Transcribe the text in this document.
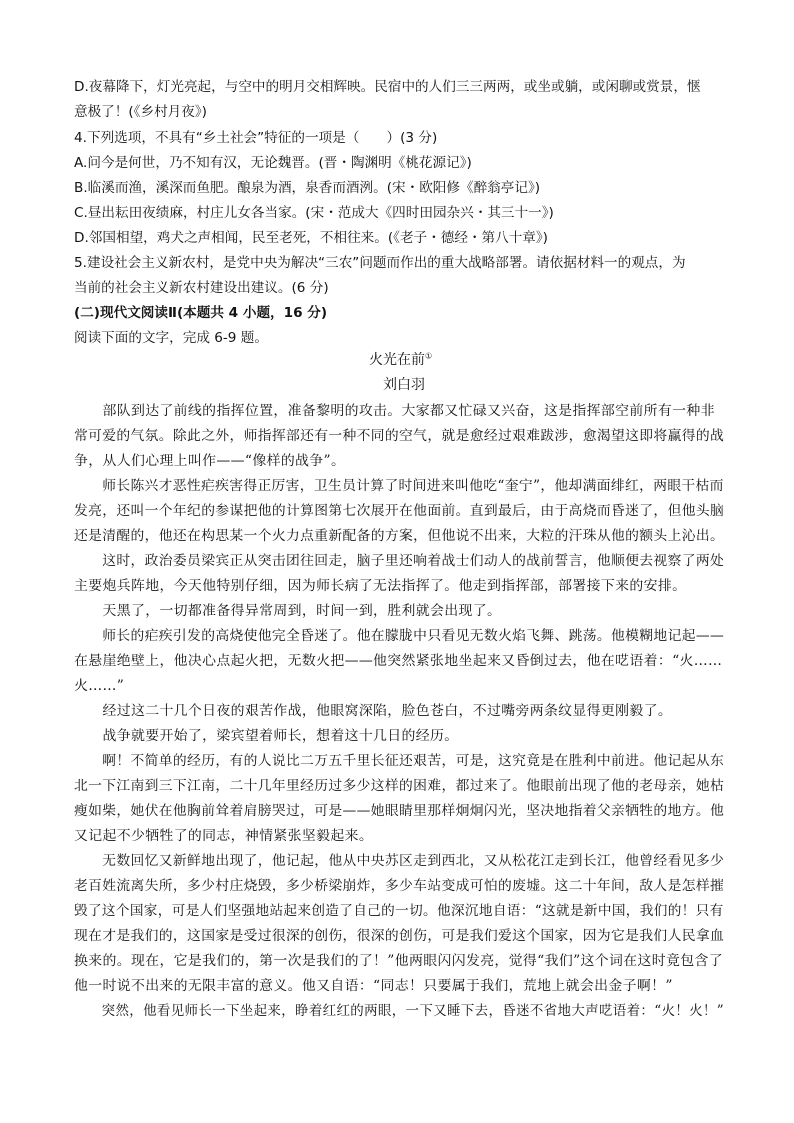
D.夜幕降下，灯光亮起，与空中的明月交相辉映。民宿中的人们三三两两，或坐或躺，或闲聊或赏景，惬
意极了！(《乡村月夜》)
4.下列选项，不具有“乡土社会”特征的一项是（　　）(3 分)
A.问今是何世，乃不知有汉，无论魏晋。(晋・陶渊明《桃花源记》)
B.临溪而渔，溪深而鱼肥。酿泉为酒，泉香而酒洌。(宋・欧阳修《醉翁亭记》)
C.昼出耘田夜绩麻，村庄儿女各当家。(宋・范成大《四时田园杂兴・其三十一》)
D.邻国相望，鸡犬之声相闻，民至老死，不相往来。(《老子・德经・第八十章》)
5.建设社会主义新农村，是党中央为解决“三农”问题而作出的重大战略部署。请依据材料一的观点，为
当前的社会主义新农村建设出建议。(6 分)
(二)现代文阅读Ⅱ(本题共 4 小题，16 分)
阅读下面的文字，完成 6-9 题。
火光在前①
刘白羽
　　部队到达了前线的指挥位置，准备黎明的攻击。大家都又忙碌又兴奋，这是指挥部空前所有一种非
常可爱的气氛。除此之外，师指挥部还有一种不同的空气，就是愈经过艰难跋涉，愈渴望这即将赢得的战
争，从人们心理上叫作——“像样的战争”。
　　师长陈兴才恶性疟疾害得正厉害，卫生员计算了时间进来叫他吃“奎宁”，他却满面绯红，两眼干枯而
发亮，还叫一个年纪的参谋把他的计算图第七次展开在他面前。直到最后，由于高烧而昏迷了，但他头脑
还是清醒的，他还在构思某一个火力点重新配备的方案，但他说不出来，大粒的汗珠从他的额头上沁出。
　　这时，政治委员梁宾正从突击团往回走，脑子里还响着战士们动人的战前誓言，他顺便去视察了两处
主要炮兵阵地，今天他特别仔细，因为师长病了无法指挥了。他走到指挥部，部署接下来的安排。
　　天黑了，一切都准备得异常周到，时间一到，胜利就会出现了。
　　师长的疟疾引发的高烧使他完全昏迷了。他在朦胧中只看见无数火焰飞舞、跳荡。他模糊地记起——
在悬崖绝壁上，他决心点起火把，无数火把——他突然紧张地坐起来又昏倒过去，他在呓语着：“火……
火……”
　　经过这二十几个日夜的艰苦作战，他眼窝深陷，脸色苍白，不过嘴旁两条纹显得更刚毅了。
　　战争就要开始了，梁宾望着师长，想着这十几日的经历。
　　啊！不简单的经历，有的人说比二万五千里长征还艰苦，可是，这究竟是在胜利中前进。他记起从东
北一下江南到三下江南，二十几年里经历过多少这样的困难，都过来了。他眼前出现了他的老母亲，她枯
瘦如柴，她伏在他胸前耸着肩膀哭过，可是——她眼睛里那样炯炯闪光，坚决地指着父亲牺牲的地方。他
又记起不少牺牲了的同志，神情紧张坚毅起来。
　　无数回忆又新鲜地出现了，他记起，他从中央苏区走到西北，又从松花江走到长江，他曾经看见多少
老百姓流离失所，多少村庄烧毁，多少桥梁崩炸，多少车站变成可怕的废墟。这二十年间，敌人是怎样摧
毁了这个国家，可是人们坚强地站起来创造了自己的一切。他深沉地自语：“这就是新中国，我们的！只有
现在才是我们的，这国家是受过很深的创伤，很深的创伤，可是我们爱这个国家，因为它是我们人民拿血
换来的。现在，它是我们的，第一次是我们的了！”他两眼闪闪发亮，觉得“我们”这个词在这时竟包含了
他一时说不出来的无限丰富的意义。他又自语：“同志！只要属于我们，荒地上就会出金子啊！”
　　突然，他看见师长一下坐起来，睁着红红的两眼，一下又睡下去，昏迷不省地大声呓语着：“火！火！”
